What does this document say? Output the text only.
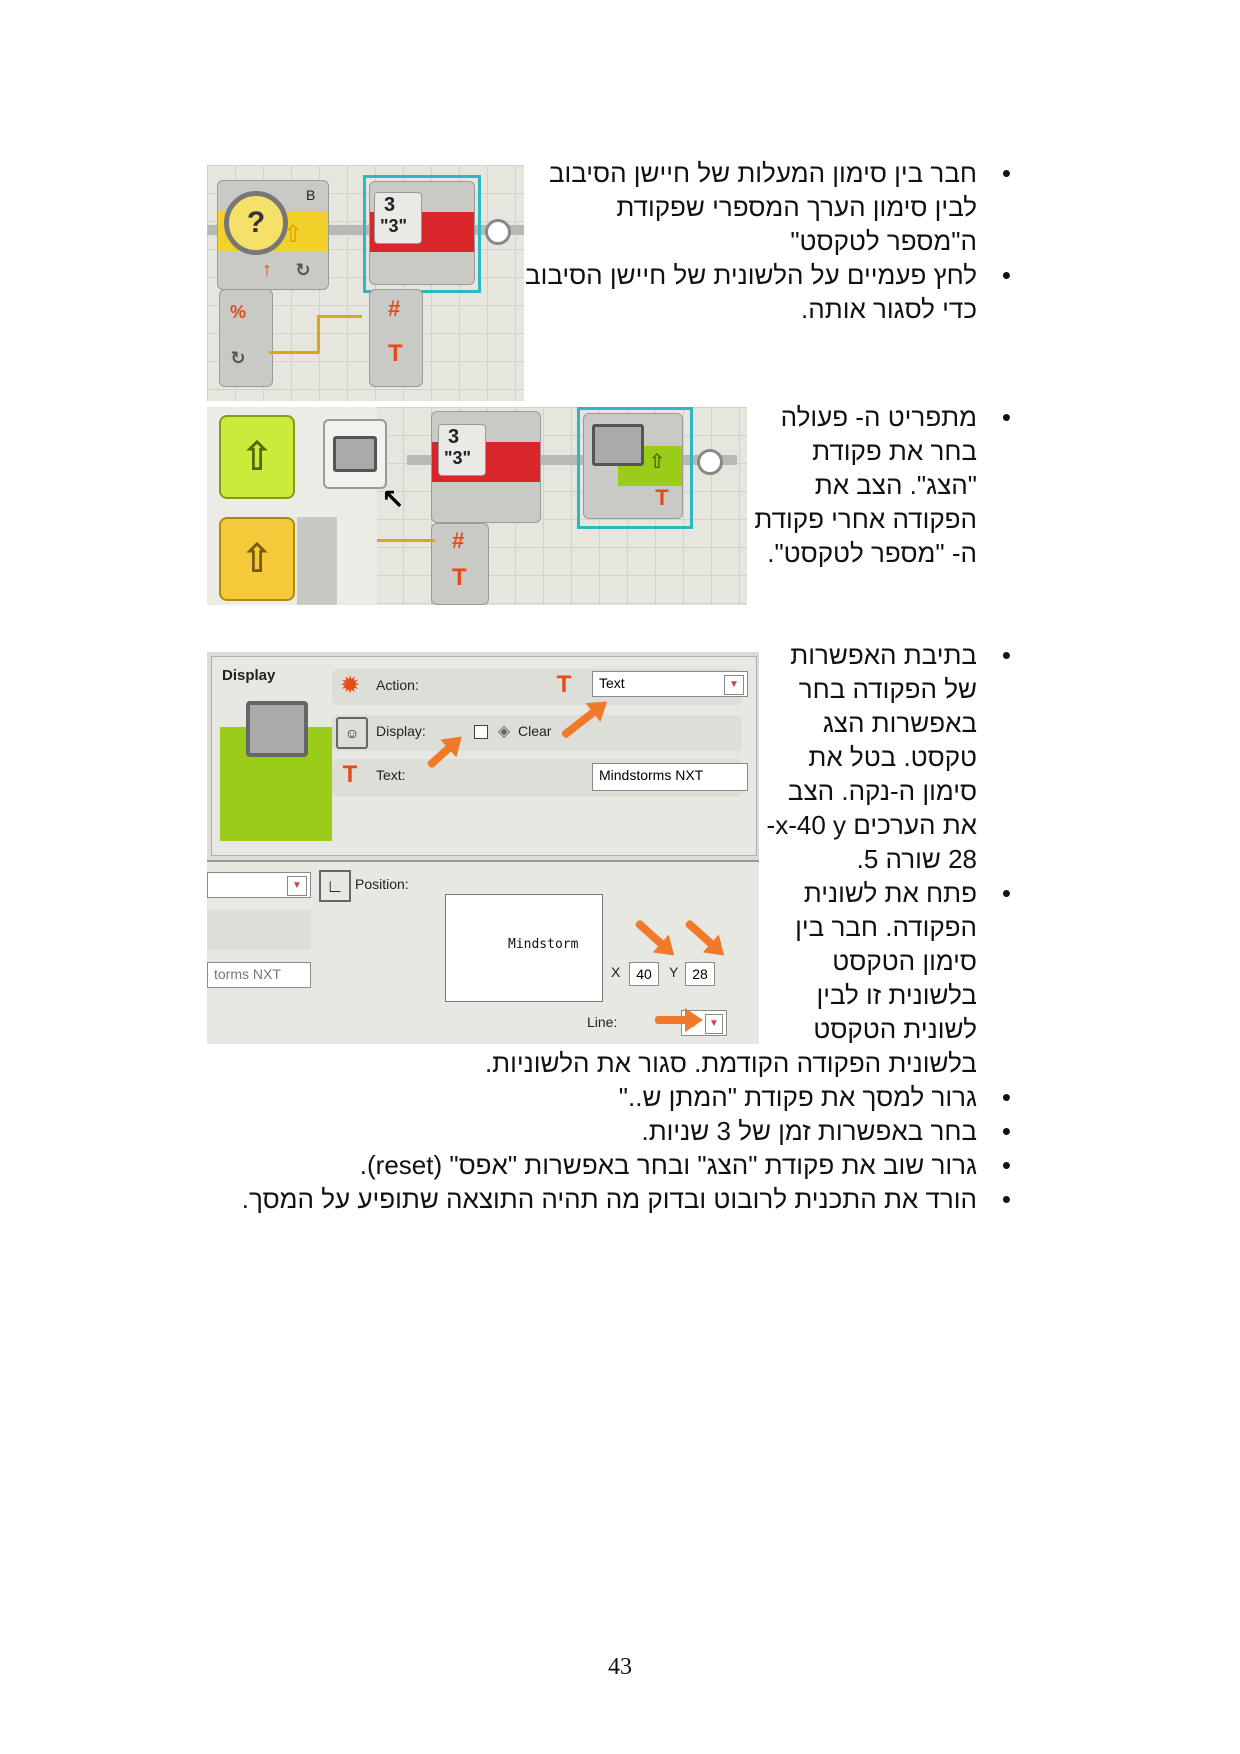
?
B
⇧
↑	↻
%
↻
3
"3"
#
T
• חבר בין סימון המעלות של חיישן הסיבוב
לבין סימון הערך המספרי שפקודת
ה"מספר לטקסט"
• לחץ פעמיים על הלשונית של חיישן הסיבוב
כדי לסגור אותה.
⇧
⇧
↖
3
"3"
#
T
⇧
T
• מתפריט ה- פעולה
בחר את פקודת
"הצג". הצב את
הפקודה אחרי פקודת
ה- "מספר לטקסט".
Display	✹ Action:	T	Text	▼
☺	Display:	◈ Clear
T	Text:	Mindstorms NXT
▼
torms NXT
∟ Position:
Mindstorm
X	40	Y 28
Line:	▼
• בתיבת האפשרות
של הפקודה בחר
באפשרות הצג
טקסט. בטל את
סימון ה-נקה. הצב
את הערכים x-40 y-
28 שורה 5.
• פתח את לשונית
הפקודה. חבר בין
סימון הטקסט
בלשונית זו לבין
לשונית הטקסט
בלשונית הפקודה הקודמת. סגור את הלשוניות.
• גרור למסך את פקודת "המתן ש.."
• בחר באפשרות זמן של 3 שניות.
• גרור שוב את פקודת "הצג" ובחר באפשרות "אפס" (reset).
• הורד את התכנית לרובוט ובדוק מה תהיה התוצאה שתופיע על המסך.
43
